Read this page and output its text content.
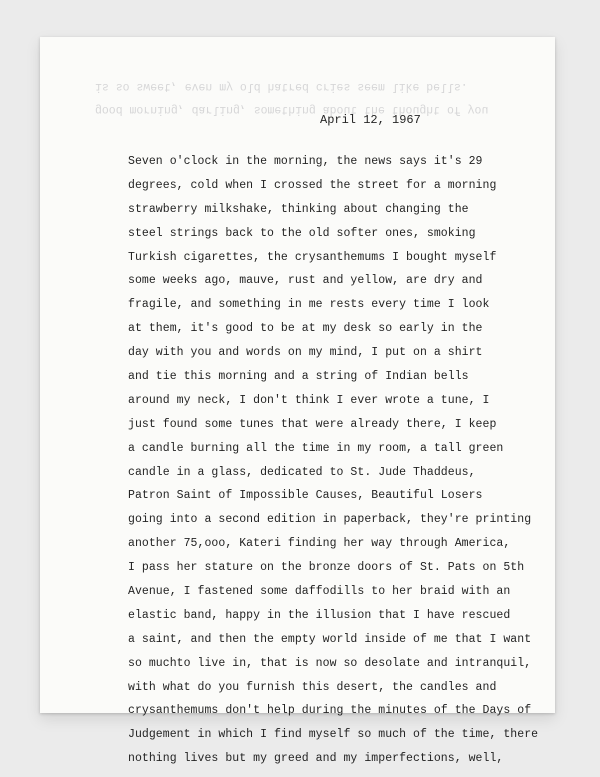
good morning, darling, something about the thought of you
is so sweet, even my old hatred cries seem like bells.
April 12, 1967
Seven o'clock in the morning, the news says it's 29
degrees, cold when I crossed the street for a morning
strawberry milkshake, thinking about changing the
steel strings back to the old softer ones, smoking
Turkish cigarettes, the crysanthemums I bought myself
some weeks ago, mauve, rust and yellow, are dry and
fragile, and something in me rests every time I look
at them, it's good to be at my desk so early in the
day with you and words on my mind, I put on a shirt
and tie this morning and a string of Indian bells
around my neck, I don't think I ever wrote a tune, I
just found some tunes that were already there, I keep
a candle burning all the time in my room, a tall green
candle in a glass, dedicated to St. Jude Thaddeus,
Patron Saint of Impossible Causes, Beautiful Losers
going into a second edition in paperback, they're printing
another 75,ooo, Kateri finding her way through America,
I pass her stature on the bronze doors of St. Pats on 5th
Avenue, I fastened some daffodills to her braid with an
elastic band, happy in the illusion that I have rescued
a saint, and then the empty world inside of me that I want
so muchto live in, that is now so desolate and intranquil,
with what do you furnish this desert, the candles and
crysanthemums don't help during the minutes of the Days of
Judgement in which I find myself so much of the time, there
nothing lives but my greed and my imperfections, well,
